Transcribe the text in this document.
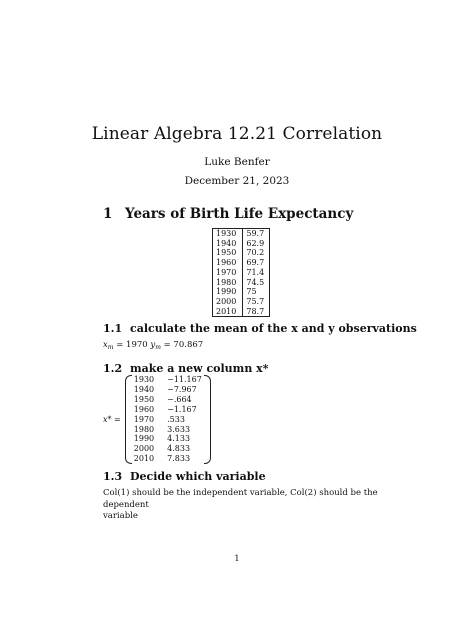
Linear Algebra 12.21 Correlation
Luke Benfer
December 21, 2023
1 Years of Birth Life Expectancy
1930	59.7
1940	62.9
1950	70.2
1960	69.7
1970	71.4
1980	74.5
1990	75
2000	75.7
2010	78.7
1.1 calculate the mean of the x and y observations
$x_m = 1970$ $y_m = 70.867$
1.2 make a new column x*
x* =
1930	−11.167
1940	−7.967
1950	−.664
1960	−1.167
1970	.533
1980	3.633
1990	4.133
2000	4.833
2010	7.833
1.3 Decide which variable
Col(1) should be the independent variable, Col(2) should be the dependent
variable
1
